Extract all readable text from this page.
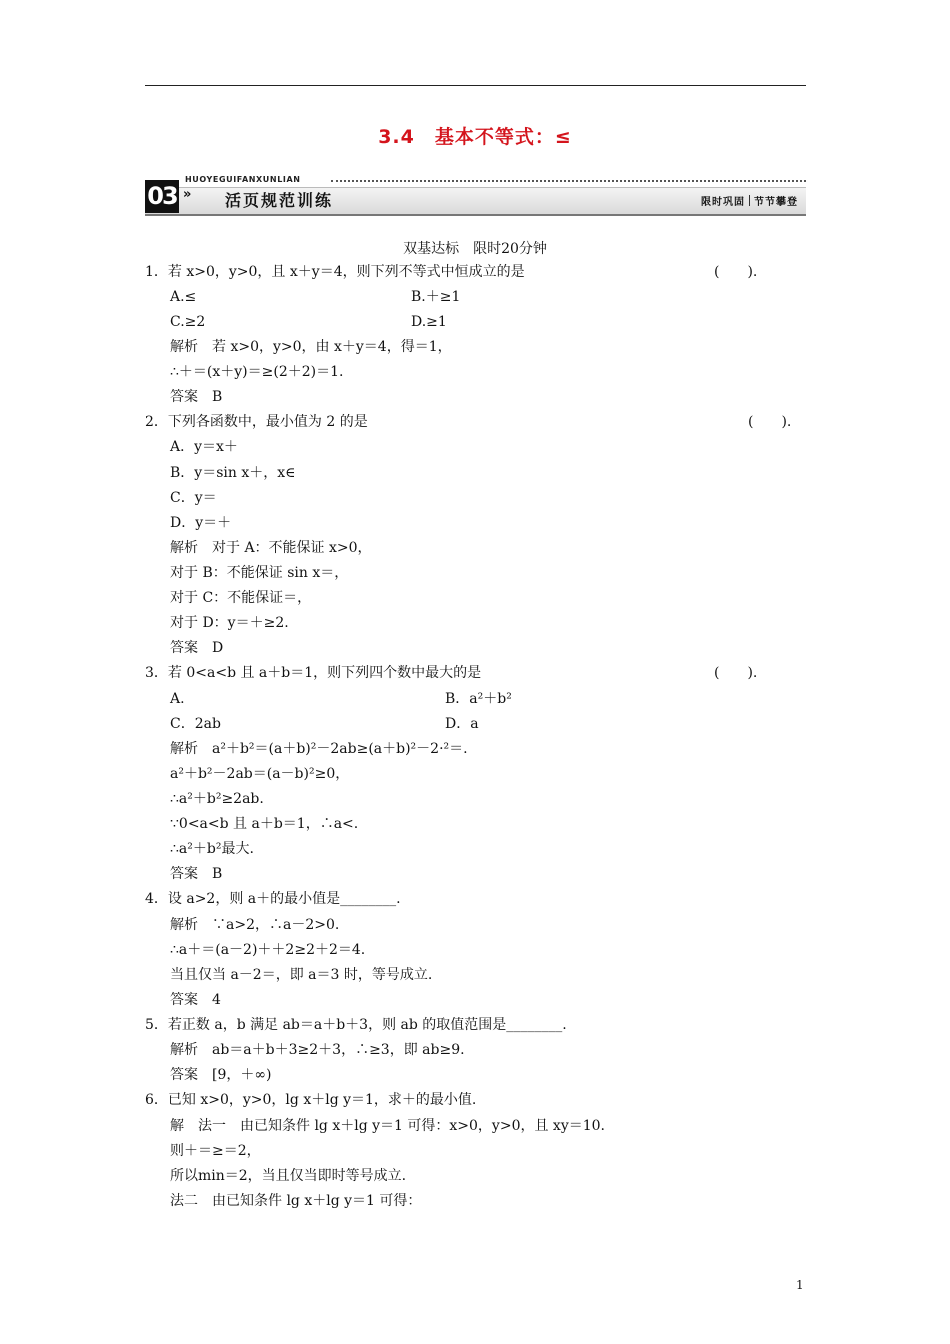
3.4　基本不等式：≤
HUOYEGUIFANXUNLIAN
03 » 活页规范训练	限时巩固 节节攀登
双基达标　限时20分钟
1．若 x>0，y>0，且 x＋y＝4，则下列不等式中恒成立的是	(　　).
A.≤	B.＋≥1
C.≥2	D.≥1
解析　若 x>0，y>0，由 x＋y＝4，得＝1，
∴＋＝(x＋y)＝≥(2＋2)＝1.
答案　B
2．下列各函数中，最小值为 2 的是	(　　).
A．y＝x＋
B．y＝sin x＋，x∈
C．y＝
D．y＝＋
解析　对于 A：不能保证 x>0，
对于 B：不能保证 sin x＝，
对于 C：不能保证＝，
对于 D：y＝＋≥2.
答案　D
3．若 0<a<b 且 a＋b＝1，则下列四个数中最大的是	(　　).
A.	B．a²＋b²
C．2ab	D．a
解析　a²＋b²＝(a＋b)²－2ab≥(a＋b)²－2·²＝.
a²＋b²－2ab＝(a－b)²≥0，
∴a²＋b²≥2ab.
∵0<a<b 且 a＋b＝1，∴a<.
∴a²＋b²最大.
答案　B
4．设 a>2，则 a＋的最小值是________.
解析　∵a>2，∴a－2>0.
∴a＋＝(a－2)＋＋2≥2＋2＝4.
当且仅当 a－2＝，即 a＝3 时，等号成立.
答案　4
5．若正数 a，b 满足 ab＝a＋b＋3，则 ab 的取值范围是________.
解析　ab＝a＋b＋3≥2＋3，∴≥3，即 ab≥9.
答案　[9，＋∞)
6．已知 x>0，y>0，lg x＋lg y＝1，求＋的最小值.
解　法一　由已知条件 lg x＋lg y＝1 可得：x>0，y>0，且 xy＝10.
则＋＝≥＝2，
所以min＝2，当且仅当即时等号成立.
法二　由已知条件 lg x＋lg y＝1 可得：
1
